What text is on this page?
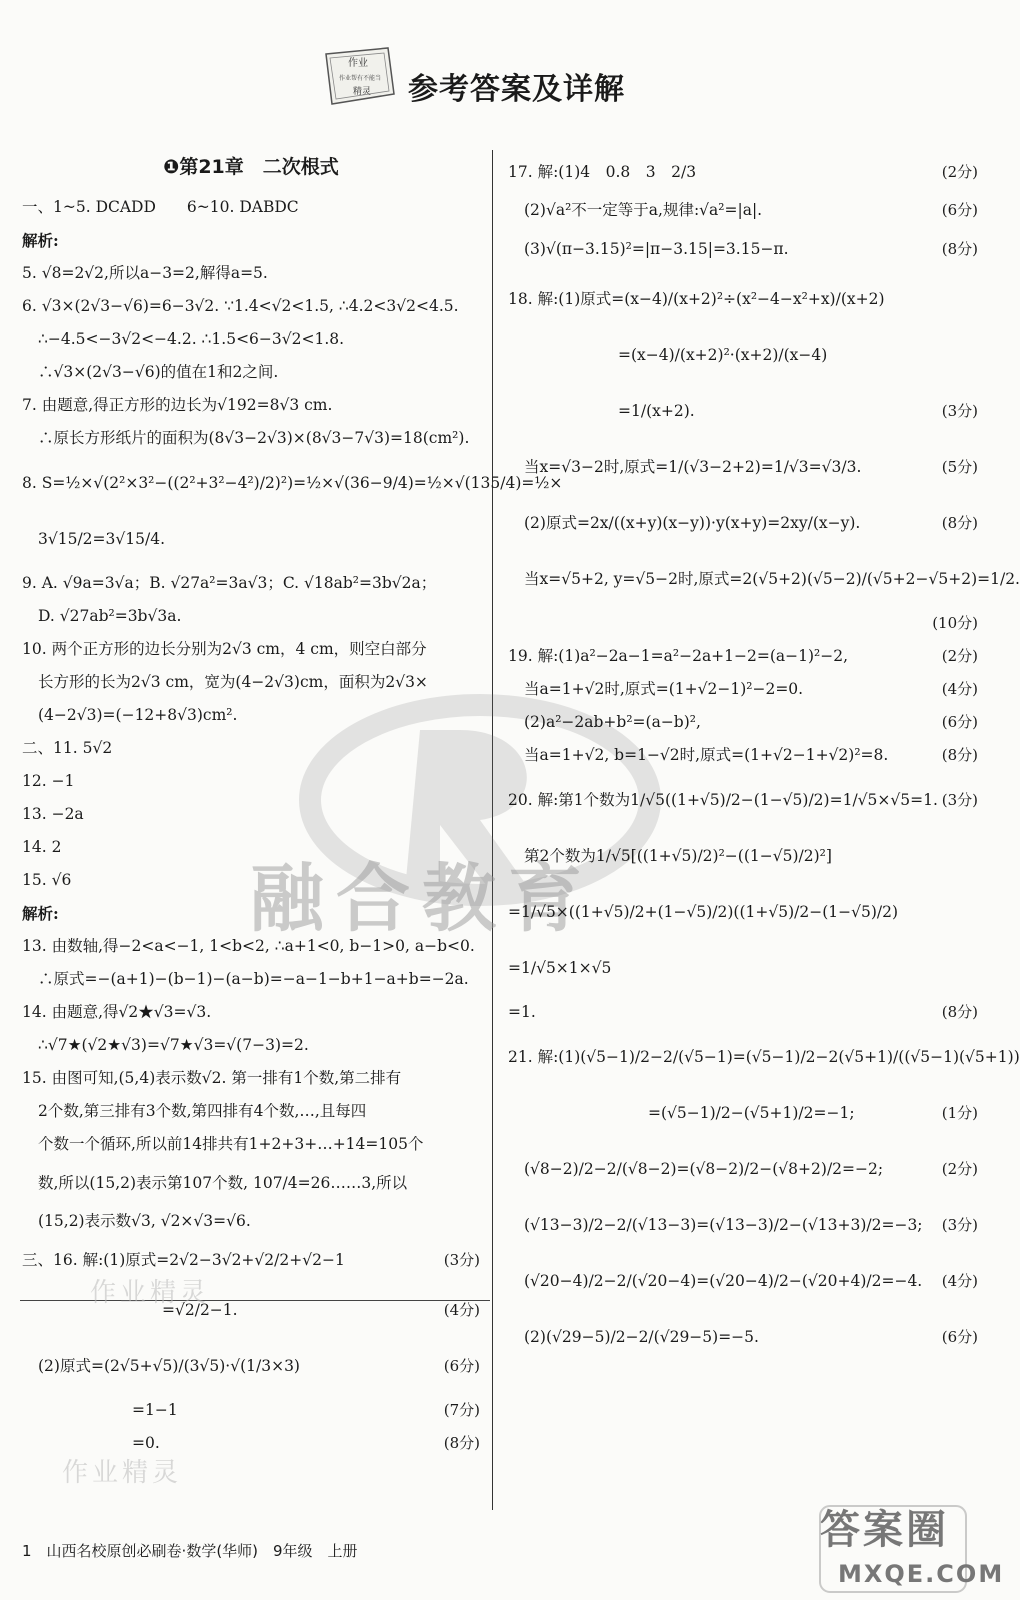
作业
作业帮有不能当
精灵 参考答案及详解
融合教育
作业精灵
作业精灵
❶第21章　二次根式
一、1~5. DCADD　　6~10. DABDC
解析:
5. √8=2√2,所以a−3=2,解得a=5.
6. √3×(2√3−√6)=6−3√2. ∵1.4<√2<1.5, ∴4.2<3√2<4.5.
∴−4.5<−3√2<−4.2. ∴1.5<6−3√2<1.8.
∴√3×(2√3−√6)的值在1和2之间.
7. 由题意,得正方形的边长为√192=8√3 cm.
∴原长方形纸片的面积为(8√3−2√3)×(8√3−7√3)=18(cm²).
8. S=½×√(2²×3²−((2²+3²−4²)/2)²)=½×√(36−9/4)=½×√(135/4)=½×
3√15/2=3√15/4.
9. A. √9a=3√a；B. √27a²=3a√3；C. √18ab²=3b√2a；
D. √27ab²=3b√3a.
10. 两个正方形的边长分别为2√3 cm，4 cm，则空白部分
长方形的长为2√3 cm，宽为(4−2√3)cm，面积为2√3×
(4−2√3)=(−12+8√3)cm².
二、11. 5√2
12. −1
13. −2a
14. 2
15. √6
解析:
13. 由数轴,得−2<a<−1, 1<b<2, ∴a+1<0, b−1>0, a−b<0.
∴原式=−(a+1)−(b−1)−(a−b)=−a−1−b+1−a+b=−2a.
14. 由题意,得√2★√3=√3.
∴√7★(√2★√3)=√7★√3=√(7−3)=2.
15. 由图可知,(5,4)表示数√2. 第一排有1个数,第二排有
2个数,第三排有3个数,第四排有4个数,…,且每四
个数一个循环,所以前14排共有1+2+3+…+14=105个
数,所以(15,2)表示第107个数, 107/4=26……3,所以
(15,2)表示数√3, √2×√3=√6.
三、16. 解:(1)原式=2√2−3√2+√2/2+√2−1	(3分)
=√2/2−1.	(4分)
(2)原式=(2√5+√5)/(3√5)·√(1/3×3)	(6分)
=1−1	(7分)
=0.	(8分)
17. 解:(1)4　0.8　3　2/3	(2分)
(2)√a²不一定等于a,规律:√a²=|a|.	(6分)
(3)√(π−3.15)²=|π−3.15|=3.15−π.	(8分)
18. 解:(1)原式=(x−4)/(x+2)²÷(x²−4−x²+x)/(x+2)
=(x−4)/(x+2)²·(x+2)/(x−4)
=1/(x+2).	(3分)
当x=√3−2时,原式=1/(√3−2+2)=1/√3=√3/3.	(5分)
(2)原式=2x/((x+y)(x−y))·y(x+y)=2xy/(x−y).	(8分)
当x=√5+2, y=√5−2时,原式=2(√5+2)(√5−2)/(√5+2−√5+2)=1/2.
(10分)
19. 解:(1)a²−2a−1=a²−2a+1−2=(a−1)²−2,	(2分)
当a=1+√2时,原式=(1+√2−1)²−2=0.	(4分)
(2)a²−2ab+b²=(a−b)²,	(6分)
当a=1+√2, b=1−√2时,原式=(1+√2−1+√2)²=8.	(8分)
20. 解:第1个数为1/√5((1+√5)/2−(1−√5)/2)=1/√5×√5=1. (3分)
第2个数为1/√5[((1+√5)/2)²−((1−√5)/2)²]
=1/√5×((1+√5)/2+(1−√5)/2)((1+√5)/2−(1−√5)/2)
=1/√5×1×√5
=1.	(8分)
21. 解:(1)(√5−1)/2−2/(√5−1)=(√5−1)/2−2(√5+1)/((√5−1)(√5+1))
=(√5−1)/2−(√5+1)/2=−1;	(1分)
(√8−2)/2−2/(√8−2)=(√8−2)/2−(√8+2)/2=−2;	(2分)
(√13−3)/2−2/(√13−3)=(√13−3)/2−(√13+3)/2=−3; (3分)
(√20−4)/2−2/(√20−4)=(√20−4)/2−(√20+4)/2=−4. (4分)
(2)(√29−5)/2−2/(√29−5)=−5.	(6分)
答案圈
MXQE.COM
1　山西名校原创必刷卷·数学(华师)　9年级　上册
